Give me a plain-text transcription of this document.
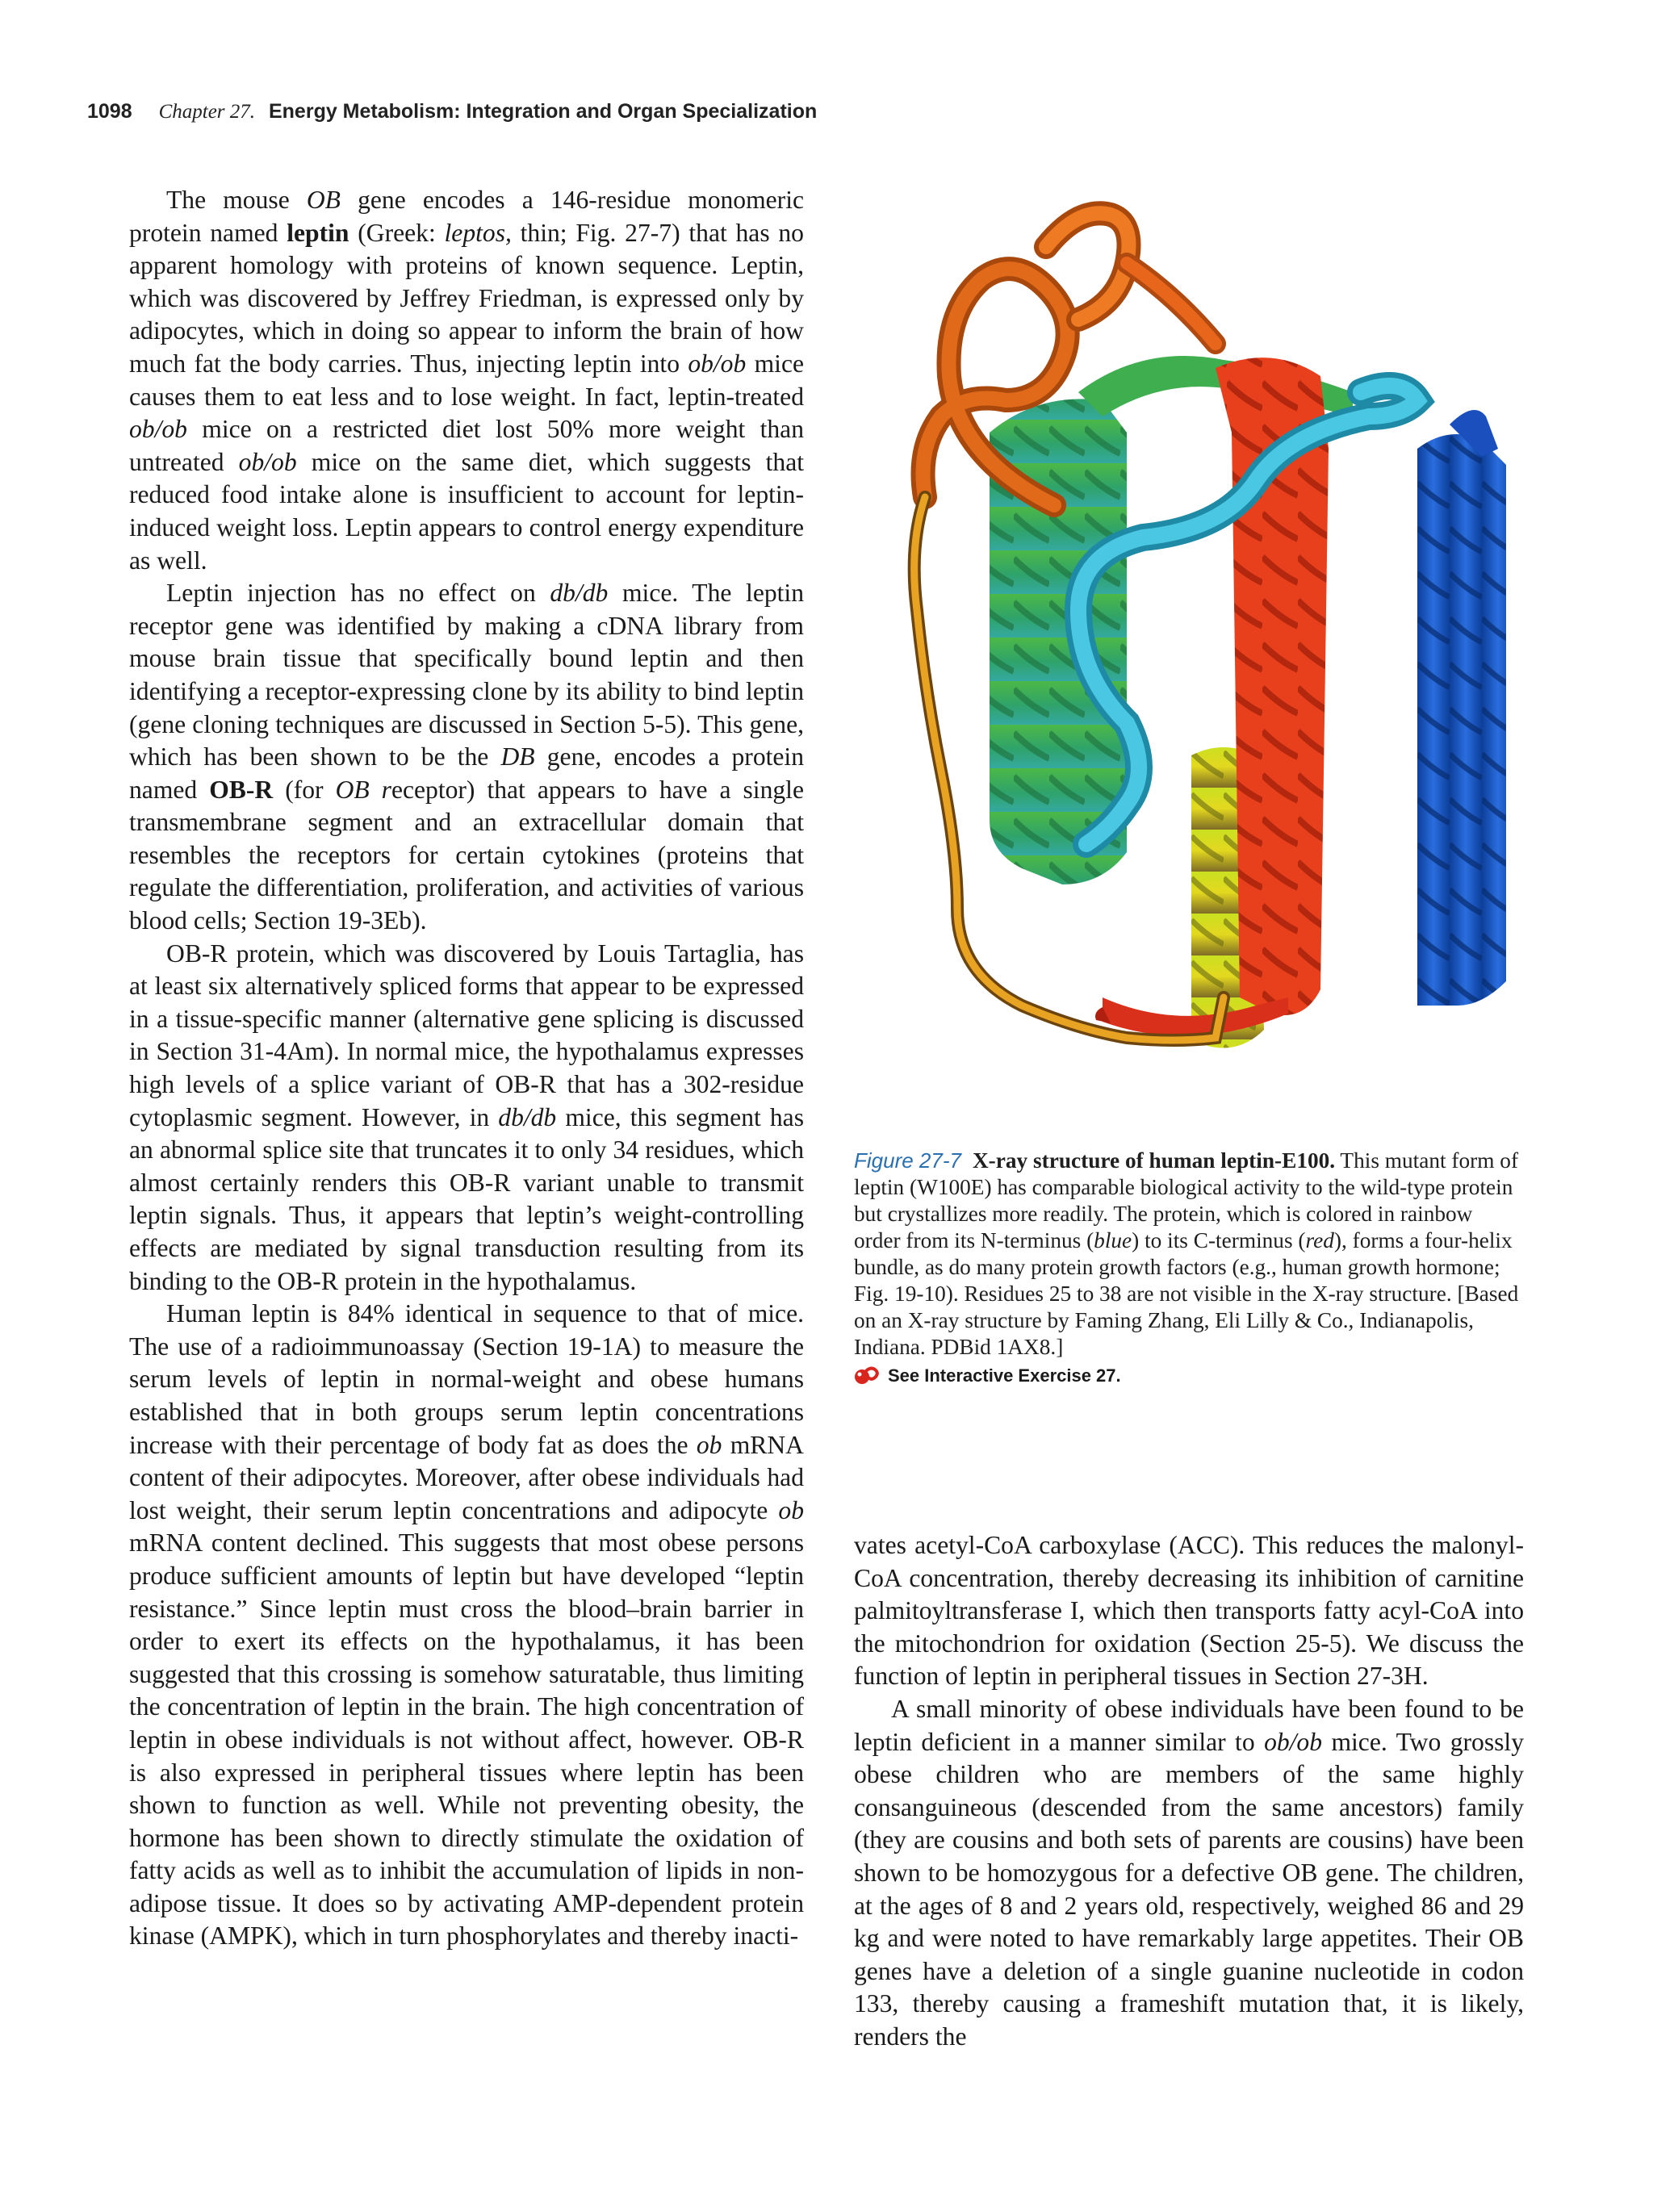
1098 Chapter 27. Energy Metabolism: Integration and Organ Specialization

The mouse OB gene encodes a 146-residue monomeric protein named leptin (Greek: leptos, thin; Fig. 27-7) that has no apparent homology with proteins of known sequence. Leptin, which was discovered by Jeffrey Friedman, is expressed only by adipocytes, which in doing so appear to inform the brain of how much fat the body carries. Thus, injecting leptin into ob/ob mice causes them to eat less and to lose weight. In fact, leptin-treated ob/ob mice on a restricted diet lost 50% more weight than untreated ob/ob mice on the same diet, which suggests that reduced food intake alone is insufficient to account for leptin-induced weight loss. Leptin appears to control energy expenditure as well.

Leptin injection has no effect on db/db mice. The leptin receptor gene was identified by making a cDNA library from mouse brain tissue that specifically bound leptin and then identifying a receptor-expressing clone by its ability to bind leptin (gene cloning techniques are discussed in Section 5-5). This gene, which has been shown to be the DB gene, encodes a protein named OB-R (for OB receptor) that appears to have a single transmembrane segment and an extracellular domain that resembles the receptors for certain cytokines (proteins that regulate the differentiation, proliferation, and activities of various blood cells; Section 19-3Eb).

OB-R protein, which was discovered by Louis Tartaglia, has at least six alternatively spliced forms that appear to be expressed in a tissue-specific manner (alternative gene splicing is discussed in Section 31-4Am). In normal mice, the hypothalamus expresses high levels of a splice variant of OB-R that has a 302-residue cytoplasmic segment. However, in db/db mice, this segment has an abnormal splice site that truncates it to only 34 residues, which almost certainly renders this OB-R variant unable to transmit leptin signals. Thus, it appears that leptin’s weight-controlling effects are mediated by signal transduction resulting from its binding to the OB-R protein in the hypothalamus.

Human leptin is 84% identical in sequence to that of mice. The use of a radioimmunoassay (Section 19-1A) to measure the serum levels of leptin in normal-weight and obese humans established that in both groups serum leptin concentrations increase with their percentage of body fat as does the ob mRNA content of their adipocytes. Moreover, after obese individuals had lost weight, their serum leptin concentrations and adipocyte ob mRNA content declined. This suggests that most obese persons produce sufficient amounts of leptin but have developed “leptin resistance.” Since leptin must cross the blood–brain barrier in order to exert its effects on the hypothalamus, it has been suggested that this crossing is somehow saturatable, thus limiting the concentration of leptin in the brain. The high concentration of leptin in obese individuals is not without affect, however. OB-R is also expressed in peripheral tissues where leptin has been shown to function as well. While not preventing obesity, the hormone has been shown to directly stimulate the oxidation of fatty acids as well as to inhibit the accumulation of lipids in non-adipose tissue. It does so by activating AMP-dependent protein kinase (AMPK), which in turn phosphorylates and thereby inacti-

Figure 27-7 X-ray structure of human leptin-E100. This mutant form of leptin (W100E) has comparable biological activity to the wild-type protein but crystallizes more readily. The protein, which is colored in rainbow order from its N-terminus (blue) to its C-terminus (red), forms a four-helix bundle, as do many protein growth factors (e.g., human growth hormone; Fig. 19-10). Residues 25 to 38 are not visible in the X-ray structure. [Based on an X-ray structure by Faming Zhang, Eli Lilly & Co., Indianapolis, Indiana. PDBid 1AX8.]
See Interactive Exercise 27.

vates acetyl-CoA carboxylase (ACC). This reduces the malonyl-CoA concentration, thereby decreasing its inhibition of carnitine palmitoyltransferase I, which then transports fatty acyl-CoA into the mitochondrion for oxidation (Section 25-5). We discuss the function of leptin in peripheral tissues in Section 27-3H.

A small minority of obese individuals have been found to be leptin deficient in a manner similar to ob/ob mice. Two grossly obese children who are members of the same highly consanguineous (descended from the same ancestors) family (they are cousins and both sets of parents are cousins) have been shown to be homozygous for a defective OB gene. The children, at the ages of 8 and 2 years old, respectively, weighed 86 and 29 kg and were noted to have remarkably large appetites. Their OB genes have a deletion of a single guanine nucleotide in codon 133, thereby causing a frameshift mutation that, it is likely, renders the
